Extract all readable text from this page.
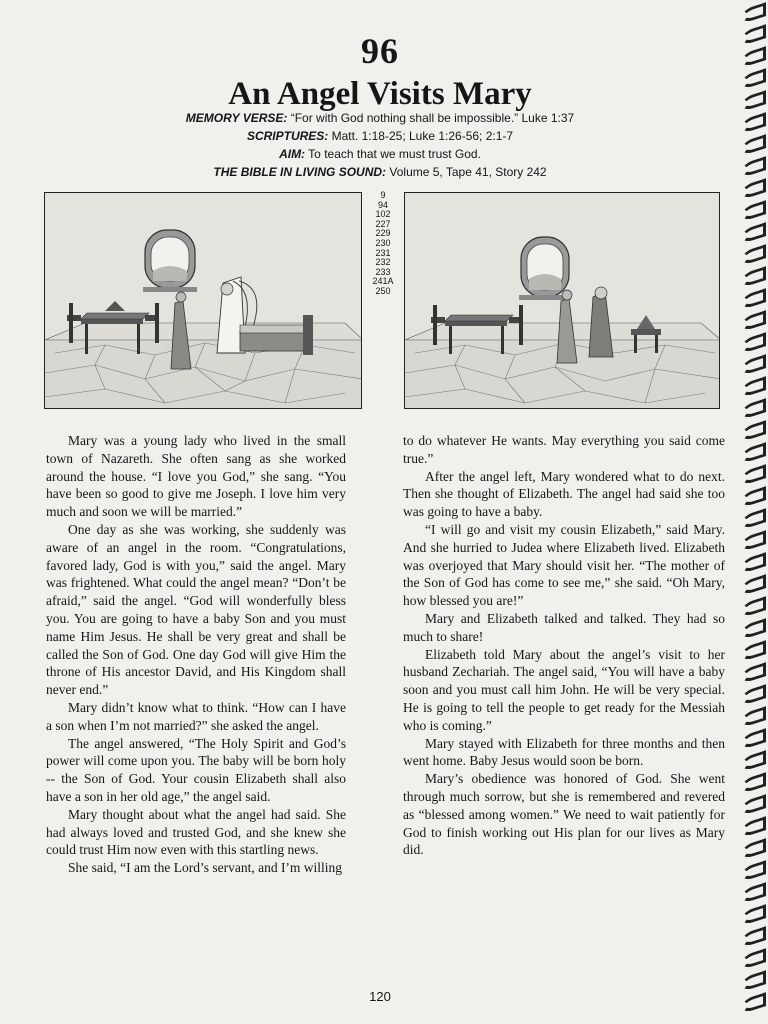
96
An Angel Visits Mary
MEMORY VERSE: “For with God nothing shall be impossible.” Luke 1:37
SCRIPTURES: Matt. 1:18-25; Luke 1:26-56; 2:1-7
AIM: To teach that we must trust God.
THE BIBLE IN LIVING SOUND: Volume 5, Tape 41, Story 242
9
94
102
227
229
230
231
232
233
241A
250

Mary was a young lady who lived in the small town of Nazareth. She often sang as she worked around the house. “I love you God,” she sang. “You have been so good to give me Joseph. I love him very much and soon we will be married.”

One day as she was working, she suddenly was aware of an angel in the room. “Congratulations, favored lady, God is with you,” said the angel. Mary was frightened. What could the angel mean? “Don’t be afraid,” said the angel. “God will wonderfully bless you. You are going to have a baby Son and you must name Him Jesus. He shall be very great and shall be called the Son of God. One day God will give Him the throne of His ancestor David, and His Kingdom shall never end.”

Mary didn’t know what to think. “How can I have a son when I’m not married?” she asked the angel.

The angel answered, “The Holy Spirit and God’s power will come upon you. The baby will be born holy -- the Son of God. Your cousin Elizabeth shall also have a son in her old age,” the angel said.

Mary thought about what the angel had said. She had always loved and trusted God, and she knew she could trust Him now even with this startling news.

She said, “I am the Lord’s servant, and I’m willing

to do whatever He wants. May everything you said come true.”

After the angel left, Mary wondered what to do next. Then she thought of Elizabeth. The angel had said she too was going to have a baby.

“I will go and visit my cousin Elizabeth,” said Mary. And she hurried to Judea where Elizabeth lived. Elizabeth was overjoyed that Mary should visit her. “The mother of the Son of God has come to see me,” she said. “Oh Mary, how blessed you are!”

Mary and Elizabeth talked and talked. They had so much to share!

Elizabeth told Mary about the angel’s visit to her husband Zechariah. The angel said, “You will have a baby soon and you must call him John. He will be very special. He is going to tell the people to get ready for the Messiah who is coming.”

Mary stayed with Elizabeth for three months and then went home. Baby Jesus would soon be born.

Mary’s obedience was honored of God. She went through much sorrow, but she is remembered and revered as “blessed among women.” We need to wait patiently for God to finish working out His plan for our lives as Mary did.

120
